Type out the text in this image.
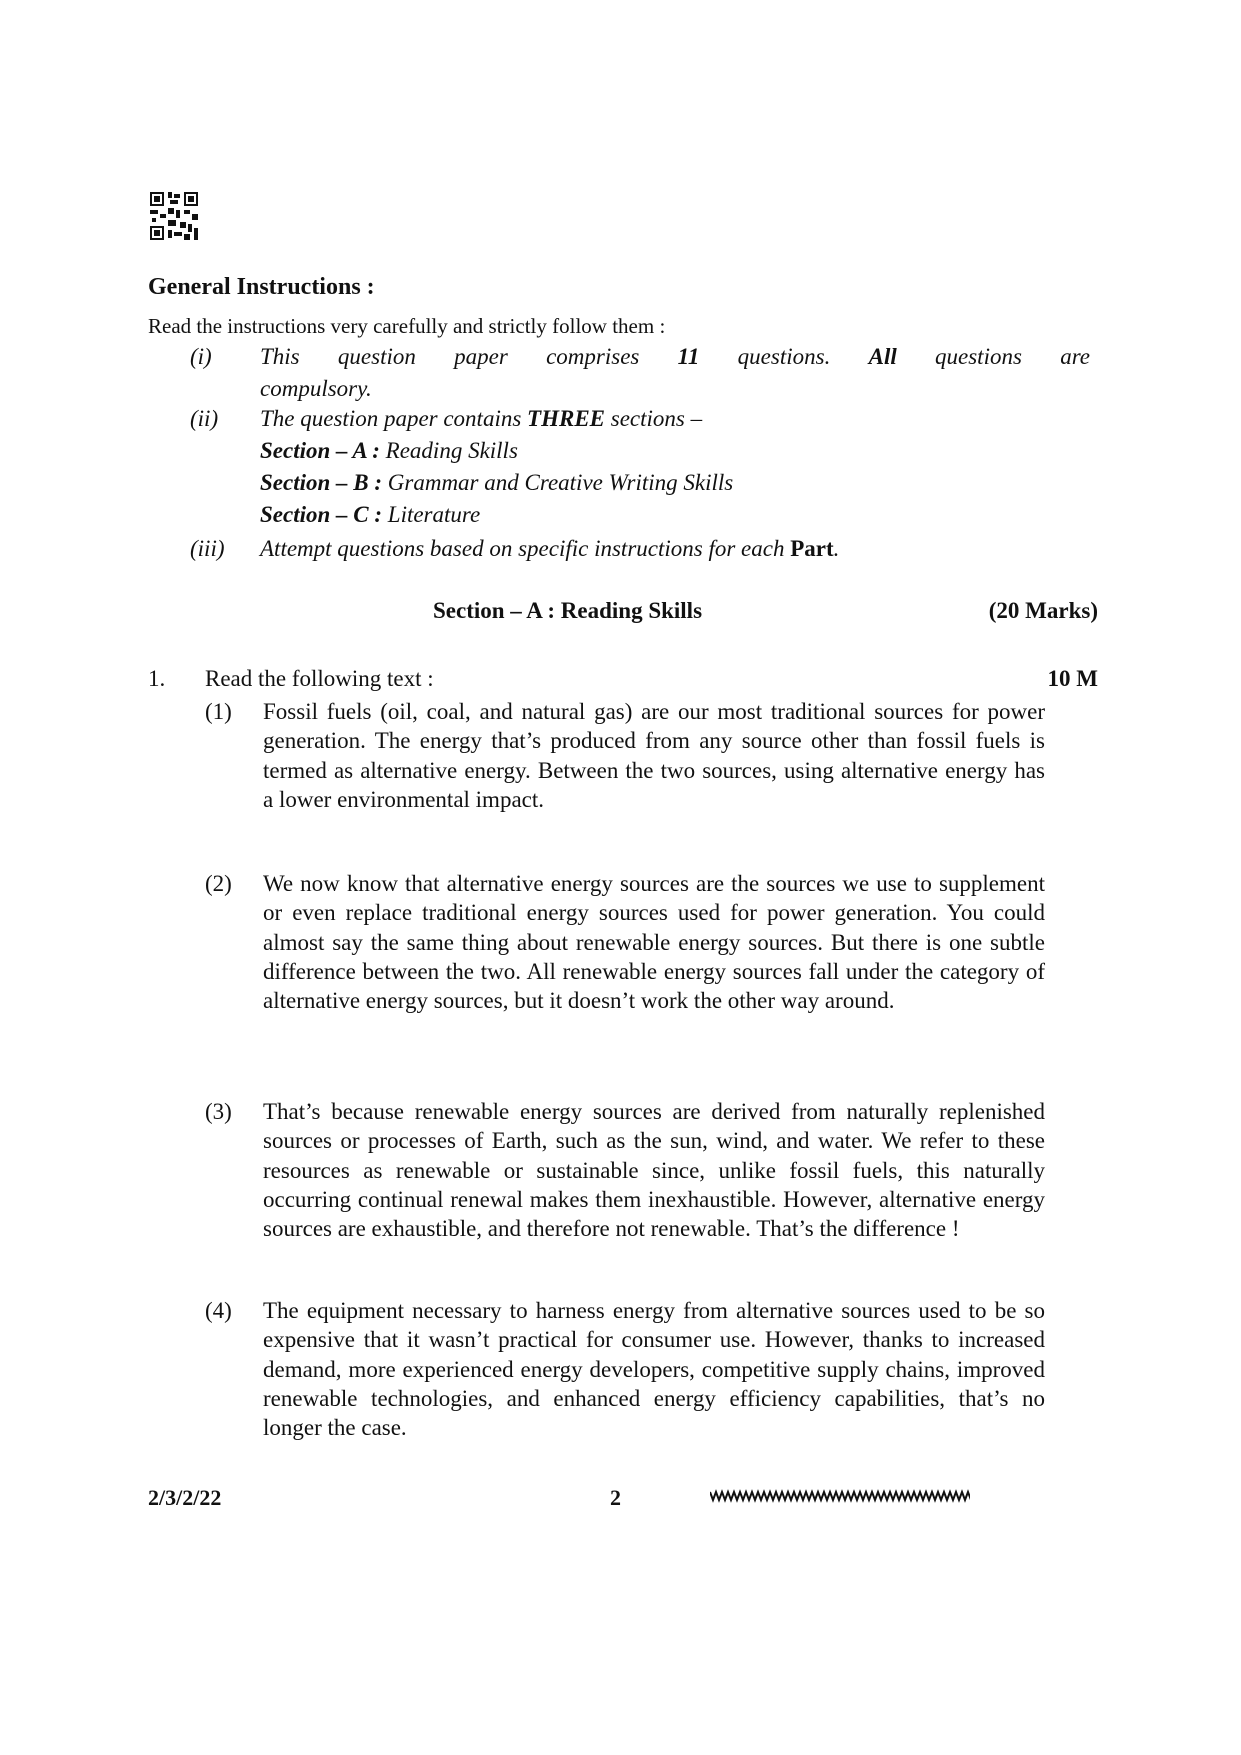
General Instructions :
Read the instructions very carefully and strictly follow them :
(i)	This question paper comprises 11 questions. All questions are
compulsory.
(ii)	The question paper contains THREE sections –
Section – A : Reading Skills
Section – B : Grammar and Creative Writing Skills
Section – C : Literature
(iii)	Attempt questions based on specific instructions for each Part.
Section – A : Reading Skills	(20 Marks)
1. Read the following text :	10 M
(1) Fossil fuels (oil, coal, and natural gas) are our most traditional sources for power generation. The energy that’s produced from any source other than fossil fuels is termed as alternative energy. Between the two sources, using alternative energy has a lower environmental impact.
(2) We now know that alternative energy sources are the sources we use to supplement or even replace traditional energy sources used for power generation. You could almost say the same thing about renewable energy sources. But there is one subtle difference between the two. All renewable energy sources fall under the category of alternative energy sources, but it doesn’t work the other way around.
(3) That’s because renewable energy sources are derived from naturally replenished sources or processes of Earth, such as the sun, wind, and water. We refer to these resources as renewable or sustainable since, unlike fossil fuels, this naturally occurring continual renewal makes them inexhaustible. However, alternative energy sources are exhaustible, and therefore not renewable. That’s the difference !
(4) The equipment necessary to harness energy from alternative sources used to be so expensive that it wasn’t practical for consumer use. However, thanks to increased demand, more experienced energy developers, competitive supply chains, improved renewable technologies, and enhanced energy efficiency capabilities, that’s no longer the case.
2/3/2/22	2
